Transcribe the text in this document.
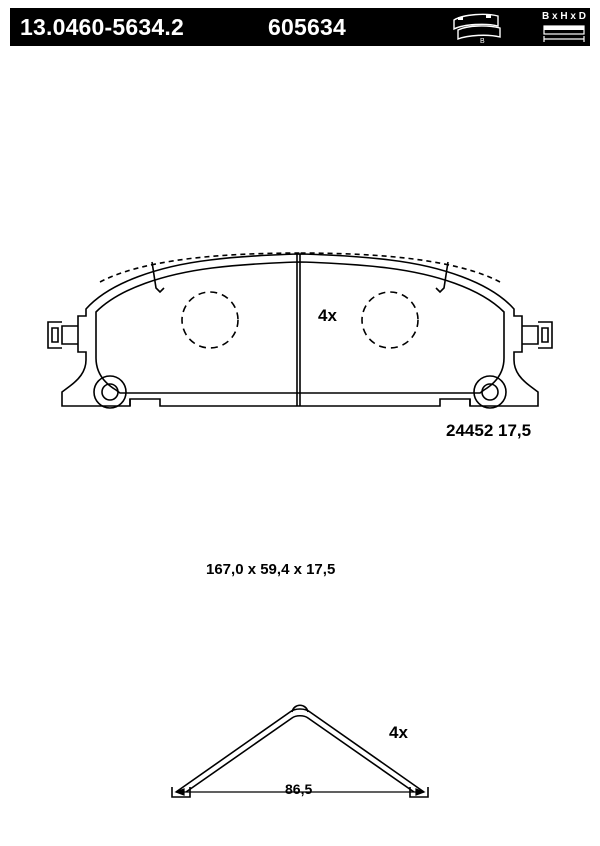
13.0460-5634.2	605634
B
B x H x D
4x
24452 17,5
167,0 x 59,4 x 17,5
4x
86,5
